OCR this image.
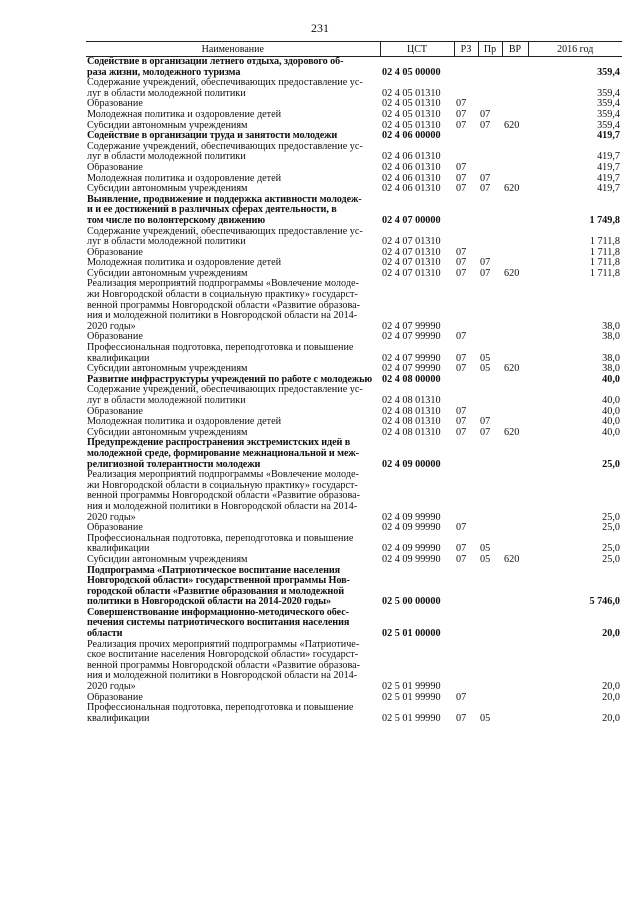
231
Наименование	ЦСТ	РЗ	Пр	ВР	2016 год

Содействие в организации летнего отдыха, здорового об-
раза жизни, молодежного туризма	02 4 05 00000				359,4

Содержание учреждений, обеспечивающих предоставление ус-
луг в области молодежной политики	02 4 05 01310				359,4

Образование	02 4 05 01310	07			359,4

Молодежная политика и оздоровление детей	02 4 05 01310	07	07		359,4

Субсидии автономным учреждениям	02 4 05 01310	07	07	620	359,4

Содействие в организации труда и занятости молодежи	02 4 06 00000				419,7

Содержание учреждений, обеспечивающих предоставление ус-
луг в области молодежной политики	02 4 06 01310				419,7

Образование	02 4 06 01310	07			419,7

Молодежная политика и оздоровление детей	02 4 06 01310	07	07		419,7

Субсидии автономным учреждениям	02 4 06 01310	07	07	620	419,7

Выявление, продвижение и поддержка активности молодеж-
и и ее достижений в различных сферах деятельности, в
том числе по волонтерскому движению	02 4 07 00000				1 749,8

Содержание учреждений, обеспечивающих предоставление ус-
луг в области молодежной политики	02 4 07 01310				1 711,8

Образование	02 4 07 01310	07			1 711,8

Молодежная политика и оздоровление детей	02 4 07 01310	07	07		1 711,8

Субсидии автономным учреждениям	02 4 07 01310	07	07	620	1 711,8

Реализация мероприятий подпрограммы «Вовлечение молоде-
жи Новгородской области в социальную практику» государст-
венной программы Новгородской области «Развитие образова-
ния и молодежной политики в Новгородской области на 2014-
2020 годы»	02 4 07 99990				38,0

Образование	02 4 07 99990	07			38,0

Профессиональная подготовка, переподготовка и повышение
квалификации	02 4 07 99990	07	05		38,0

Субсидии автономным учреждениям	02 4 07 99990	07	05	620	38,0

Развитие инфраструктуры учреждений по работе с молодежью	02 4 08 00000				40,0

Содержание учреждений, обеспечивающих предоставление ус-
луг в области молодежной политики	02 4 08 01310				40,0

Образование	02 4 08 01310	07			40,0

Молодежная политика и оздоровление детей	02 4 08 01310	07	07		40,0

Субсидии автономным учреждениям	02 4 08 01310	07	07	620	40,0

Предупреждение распространения экстремистских идей в
молодежной среде, формирование межнациональной и меж-
религиозной толерантности молодежи	02 4 09 00000				25,0

Реализация мероприятий подпрограммы «Вовлечение молоде-
жи Новгородской области в социальную практику» государст-
венной программы Новгородской области «Развитие образова-
ния и молодежной политики в Новгородской области на 2014-
2020 годы»	02 4 09 99990				25,0

Образование	02 4 09 99990	07			25,0

Профессиональная подготовка, переподготовка и повышение
квалификации	02 4 09 99990	07	05		25,0

Субсидии автономным учреждениям	02 4 09 99990	07	05	620	25,0

Подпрограмма «Патриотическое воспитание населения
Новгородской области» государственной программы Нов-
городской области «Развитие образования и молодежной
политики в Новгородской области на 2014-2020 годы»	02 5 00 00000				5 746,0

Совершенствование информационно-методического обес-
печения системы патриотического воспитания населения
области	02 5 01 00000				20,0

Реализация прочих мероприятий подпрограммы «Патриотиче-
ское воспитание населения Новгородской области» государст-
венной программы Новгородской области «Развитие образова-
ния и молодежной политики в Новгородской области на 2014-
2020 годы»	02 5 01 99990				20,0

Образование	02 5 01 99990	07			20,0

Профессиональная подготовка, переподготовка и повышение
квалификации	02 5 01 99990	07	05		20,0
